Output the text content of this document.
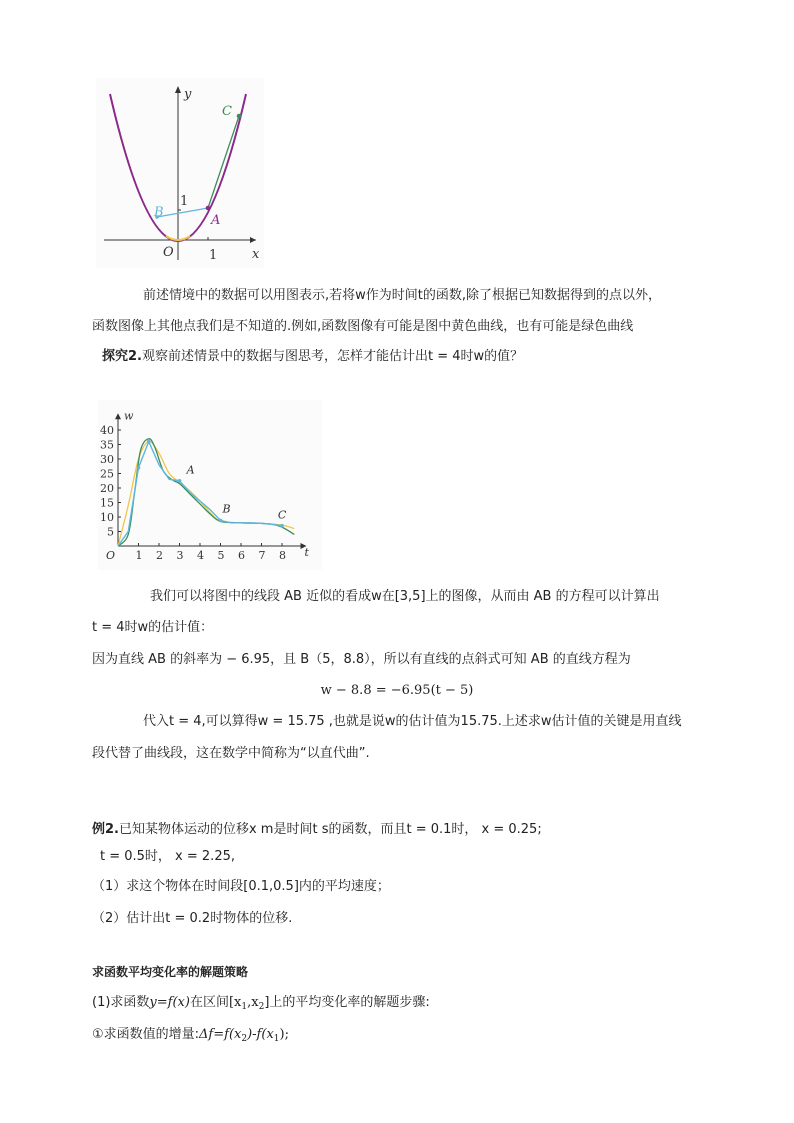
y
x
O	1
1
A
B
C
前述情境中的数据可以用图表示,若将w作为时间t的函数,除了根据已知数据得到的点以外，
函数图像上其他点我们是不知道的.例如,函数图像有可能是图中黄色曲线，也有可能是绿色曲线
探究2.观察前述情景中的数据与图思考，怎样才能估计出t = 4时w的值？
1 2 3 4 5 6 7 8
5
10
15
20
25
30
35
40
O	t
w
A
B	C
我们可以将图中的线段 AB 近似的看成w在[3,5]上的图像，从而由 AB 的方程可以计算出
t = 4时w的估计值：
因为直线 AB 的斜率为 − 6.95，且 B（5，8.8），所以有直线的点斜式可知 AB 的直线方程为
w − 8.8 = −6.95(t − 5)
代入t = 4,可以算得w = 15.75 ,也就是说w的估计值为15.75.上述求w估计值的关键是用直线
段代替了曲线段，这在数学中简称为“以直代曲”.
例2.已知某物体运动的位移x m是时间t s的函数，而且t = 0.1时， x = 0.25;
t = 0.5时， x = 2.25,
（1）求这个物体在时间段[0.1,0.5]内的平均速度；
（2）估计出t = 0.2时物体的位移.
求函数平均变化率的解题策略
(1)求函数y=f(x)在区间$[x_1,x_2]$上的平均变化率的解题步骤:
①求函数值的增量$:\Delta f=f(x_2)-f(x_1)$;
